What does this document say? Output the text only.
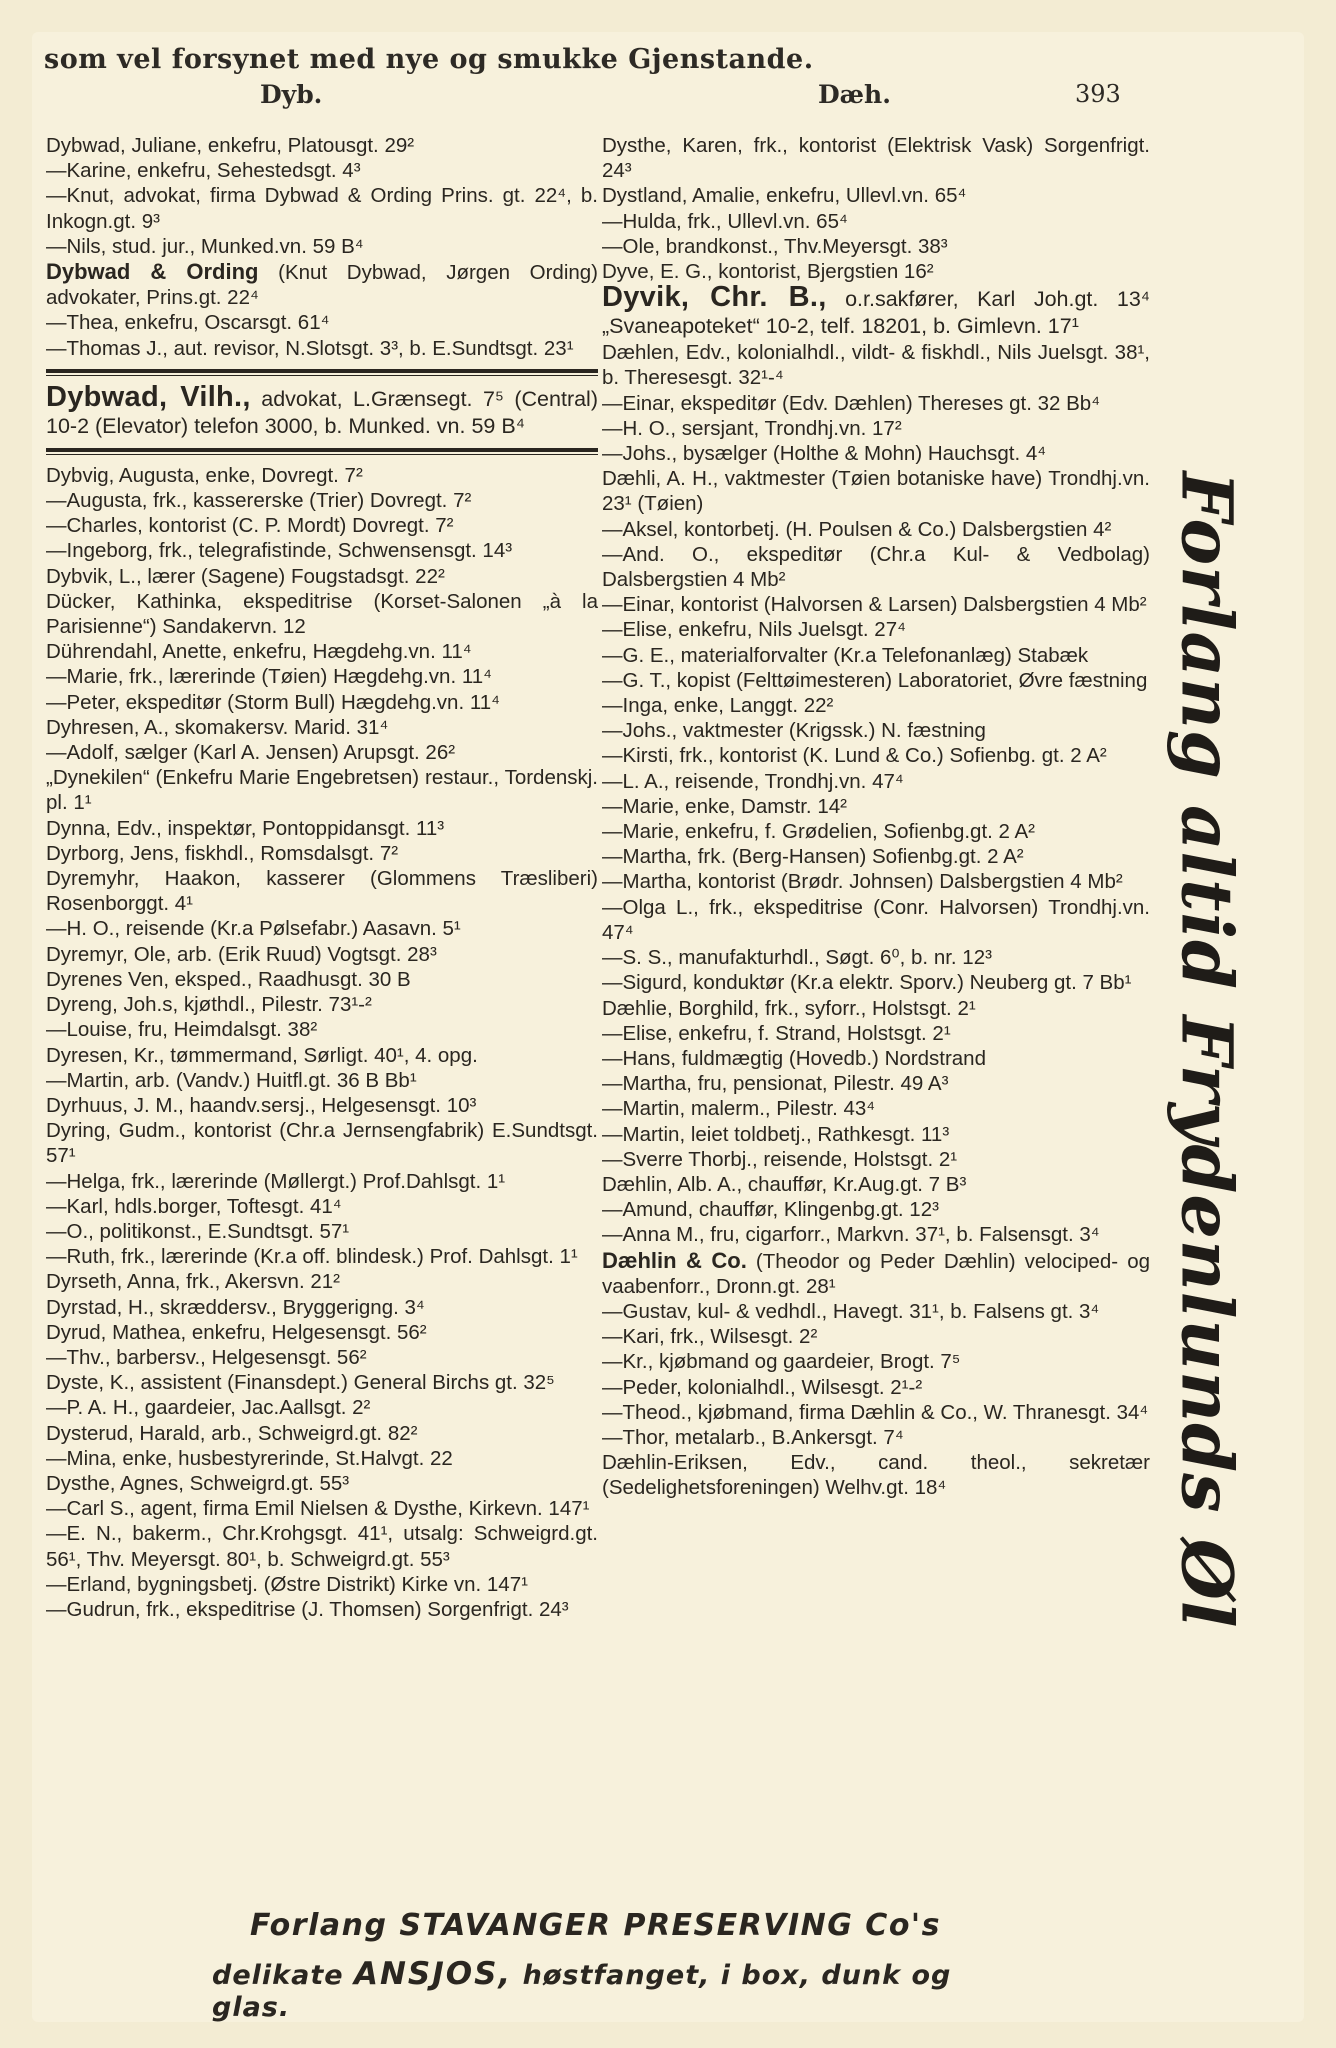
som vel forsynet med nye og smukke Gjenstande.
Dyb.	Dæh.	393
Dybwad, Juliane, enkefru, Platousgt. 29²
—Karine, enkefru, Sehestedsgt. 4³
—Knut, advokat, firma Dybwad & Ording Prins. gt. 22⁴, b. Inkogn.gt. 9³
—Nils, stud. jur., Munked.vn. 59 B⁴
Dybwad & Ording (Knut Dybwad, Jørgen Ording) advokater, Prins.gt. 22⁴
—Thea, enkefru, Oscarsgt. 61⁴
—Thomas J., aut. revisor, N.Slotsgt. 3³, b. E.Sundtsgt. 23¹
Dybwad, Vilh., advokat, L.Grænsegt. 7⁵ (Central) 10-2 (Elevator) telefon 3000, b. Munked. vn. 59 B⁴
Dybvig, Augusta, enke, Dovregt. 7²
—Augusta, frk., kassererske (Trier) Dovregt. 7²
—Charles, kontorist (C. P. Mordt) Dovregt. 7²
—Ingeborg, frk., telegrafistinde, Schwensensgt. 14³
Dybvik, L., lærer (Sagene) Fougstadsgt. 22²
Dücker, Kathinka, ekspeditrise (Korset-Salonen „à la Parisienne“) Sandakervn. 12
Dührendahl, Anette, enkefru, Hægdehg.vn. 11⁴
—Marie, frk., lærerinde (Tøien) Hægdehg.vn. 11⁴
—Peter, ekspeditør (Storm Bull) Hægdehg.vn. 11⁴
Dyhresen, A., skomakersv. Marid. 31⁴
—Adolf, sælger (Karl A. Jensen) Arupsgt. 26²
„Dynekilen“ (Enkefru Marie Engebretsen) restaur., Tordenskj. pl. 1¹
Dynna, Edv., inspektør, Pontoppidansgt. 11³
Dyrborg, Jens, fiskhdl., Romsdalsgt. 7²
Dyremyhr, Haakon, kasserer (Glommens Træsliberi) Rosenborggt. 4¹
—H. O., reisende (Kr.a Pølsefabr.) Aasavn. 5¹
Dyremyr, Ole, arb. (Erik Ruud) Vogtsgt. 28³
Dyrenes Ven, eksped., Raadhusgt. 30 B
Dyreng, Joh.s, kjøthdl., Pilestr. 73¹-²
—Louise, fru, Heimdalsgt. 38²
Dyresen, Kr., tømmermand, Sørligt. 40¹, 4. opg.
—Martin, arb. (Vandv.) Huitfl.gt. 36 B Bb¹
Dyrhuus, J. M., haandv.sersj., Helgesensgt. 10³
Dyring, Gudm., kontorist (Chr.a Jernsengfabrik) E.Sundtsgt. 57¹
—Helga, frk., lærerinde (Møllergt.) Prof.Dahlsgt. 1¹
—Karl, hdls.borger, Toftesgt. 41⁴
—O., politikonst., E.Sundtsgt. 57¹
—Ruth, frk., lærerinde (Kr.a off. blindesk.) Prof. Dahlsgt. 1¹
Dyrseth, Anna, frk., Akersvn. 21²
Dyrstad, H., skræddersv., Bryggerigng. 3⁴
Dyrud, Mathea, enkefru, Helgesensgt. 56²
—Thv., barbersv., Helgesensgt. 56²
Dyste, K., assistent (Finansdept.) General Birchs gt. 32⁵
—P. A. H., gaardeier, Jac.Aallsgt. 2²
Dysterud, Harald, arb., Schweigrd.gt. 82²
—Mina, enke, husbestyrerinde, St.Halvgt. 22
Dysthe, Agnes, Schweigrd.gt. 55³
—Carl S., agent, firma Emil Nielsen & Dysthe, Kirkevn. 147¹
—E. N., bakerm., Chr.Krohgsgt. 41¹, utsalg: Schweigrd.gt. 56¹, Thv. Meyersgt. 80¹, b. Schweigrd.gt. 55³
—Erland, bygningsbetj. (Østre Distrikt) Kirke vn. 147¹
—Gudrun, frk., ekspeditrise (J. Thomsen) Sorgenfrigt. 24³
Dysthe, Karen, frk., kontorist (Elektrisk Vask) Sorgenfrigt. 24³
Dystland, Amalie, enkefru, Ullevl.vn. 65⁴
—Hulda, frk., Ullevl.vn. 65⁴
—Ole, brandkonst., Thv.Meyersgt. 38³
Dyve, E. G., kontorist, Bjergstien 16²
Dyvik, Chr. B., o.r.sakfører, Karl Joh.gt. 13⁴ „Svaneapoteket“ 10-2, telf. 18201, b. Gimlevn. 17¹
Dæhlen, Edv., kolonialhdl., vildt- & fiskhdl., Nils Juelsgt. 38¹, b. Theresesgt. 32¹-⁴
—Einar, ekspeditør (Edv. Dæhlen) Thereses gt. 32 Bb⁴
—H. O., sersjant, Trondhj.vn. 17²
—Johs., bysælger (Holthe & Mohn) Hauchsgt. 4⁴
Dæhli, A. H., vaktmester (Tøien botaniske have) Trondhj.vn. 23¹ (Tøien)
—Aksel, kontorbetj. (H. Poulsen & Co.) Dalsbergstien 4²
—And. O., ekspeditør (Chr.a Kul- & Vedbolag) Dalsbergstien 4 Mb²
—Einar, kontorist (Halvorsen & Larsen) Dalsbergstien 4 Mb²
—Elise, enkefru, Nils Juelsgt. 27⁴
—G. E., materialforvalter (Kr.a Telefonanlæg) Stabæk
—G. T., kopist (Felttøimesteren) Laboratoriet, Øvre fæstning
—Inga, enke, Langgt. 22²
—Johs., vaktmester (Krigssk.) N. fæstning
—Kirsti, frk., kontorist (K. Lund & Co.) Sofienbg. gt. 2 A²
—L. A., reisende, Trondhj.vn. 47⁴
—Marie, enke, Damstr. 14²
—Marie, enkefru, f. Grødelien, Sofienbg.gt. 2 A²
—Martha, frk. (Berg-Hansen) Sofienbg.gt. 2 A²
—Martha, kontorist (Brødr. Johnsen) Dalsbergstien 4 Mb²
—Olga L., frk., ekspeditrise (Conr. Halvorsen) Trondhj.vn. 47⁴
—S. S., manufakturhdl., Søgt. 6⁰, b. nr. 12³
—Sigurd, konduktør (Kr.a elektr. Sporv.) Neuberg gt. 7 Bb¹
Dæhlie, Borghild, frk., syforr., Holstsgt. 2¹
—Elise, enkefru, f. Strand, Holstsgt. 2¹
—Hans, fuldmægtig (Hovedb.) Nordstrand
—Martha, fru, pensionat, Pilestr. 49 A³
—Martin, malerm., Pilestr. 43⁴
—Martin, leiet toldbetj., Rathkesgt. 11³
—Sverre Thorbj., reisende, Holstsgt. 2¹
Dæhlin, Alb. A., chauffør, Kr.Aug.gt. 7 B³
—Amund, chauffør, Klingenbg.gt. 12³
—Anna M., fru, cigarforr., Markvn. 37¹, b. Falsensgt. 3⁴
Dæhlin & Co. (Theodor og Peder Dæhlin) velociped- og vaabenforr., Dronn.gt. 28¹
—Gustav, kul- & vedhdl., Havegt. 31¹, b. Falsens gt. 3⁴
—Kari, frk., Wilsesgt. 2²
—Kr., kjøbmand og gaardeier, Brogt. 7⁵
—Peder, kolonialhdl., Wilsesgt. 2¹-²
—Theod., kjøbmand, firma Dæhlin & Co., W. Thranesgt. 34⁴
—Thor, metalarb., B.Ankersgt. 7⁴
Dæhlin-Eriksen, Edv., cand. theol., sekretær (Sedelighetsforeningen) Welhv.gt. 18⁴	Forlang altid Frydenlunds Øl
Forlang STAVANGER PRESERVING Co's
delikate ANSJOS, høstfanget, i box, dunk og glas.
